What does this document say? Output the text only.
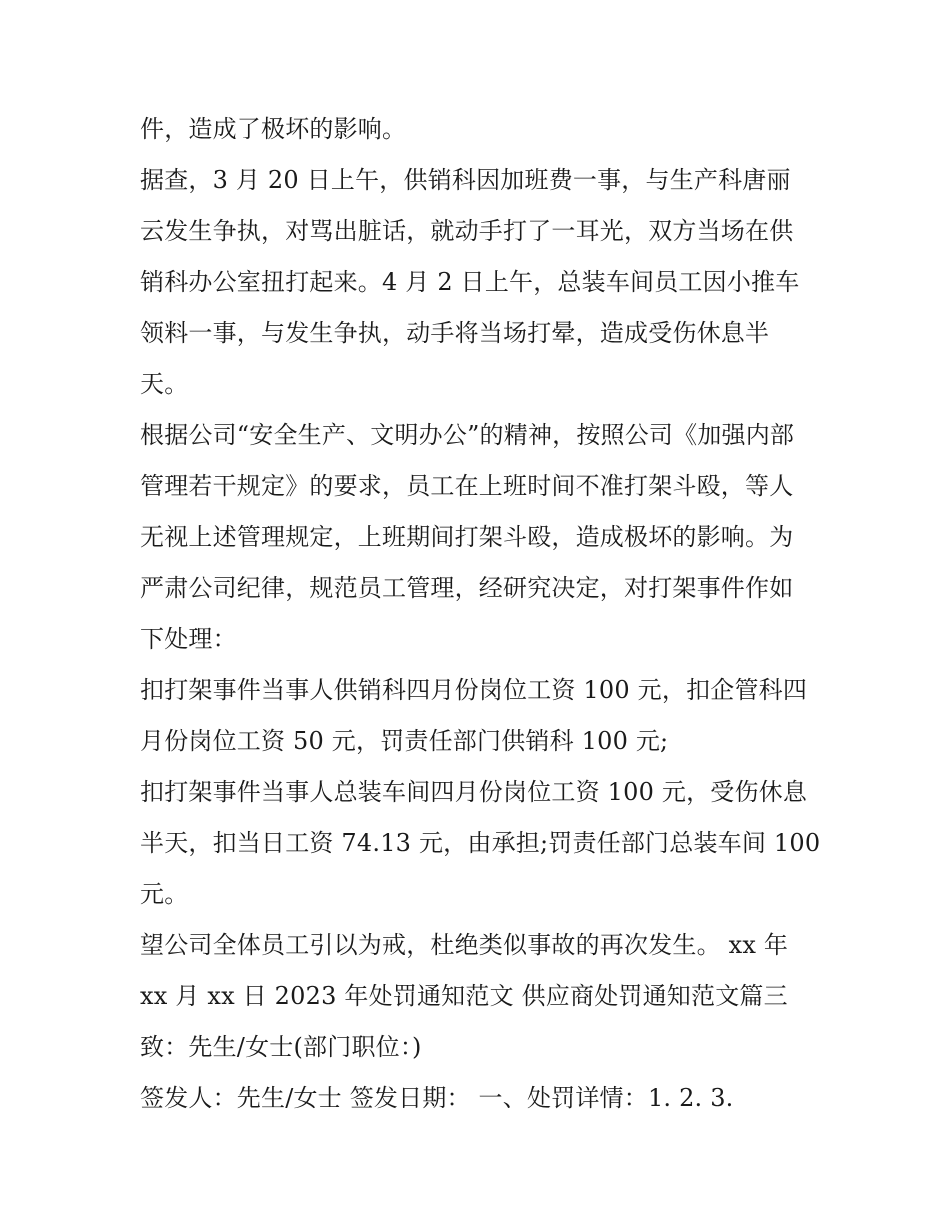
件，造成了极坏的影响。
据查，3 月 20 日上午，供销科因加班费一事，与生产科唐丽
云发生争执，对骂出脏话，就动手打了一耳光，双方当场在供
销科办公室扭打起来。4 月 2 日上午，总装车间员工因小推车
领料一事，与发生争执，动手将当场打晕，造成受伤休息半
天。
根据公司“安全生产、文明办公”的精神，按照公司《加强内部
管理若干规定》的要求，员工在上班时间不准打架斗殴，等人
无视上述管理规定，上班期间打架斗殴，造成极坏的影响。为
严肃公司纪律，规范员工管理，经研究决定，对打架事件作如
下处理：
扣打架事件当事人供销科四月份岗位工资 100 元，扣企管科四
月份岗位工资 50 元，罚责任部门供销科 100 元;
扣打架事件当事人总装车间四月份岗位工资 100 元，受伤休息
半天，扣当日工资 74.13 元，由承担;罚责任部门总装车间 100
元。
望公司全体员工引以为戒，杜绝类似事故的再次发生。 xx 年
xx 月 xx 日 2023 年处罚通知范文 供应商处罚通知范文篇三
致：先生/女士(部门职位：)
签发人：先生/女士 签发日期： 一、处罚详情：1. 2. 3.
